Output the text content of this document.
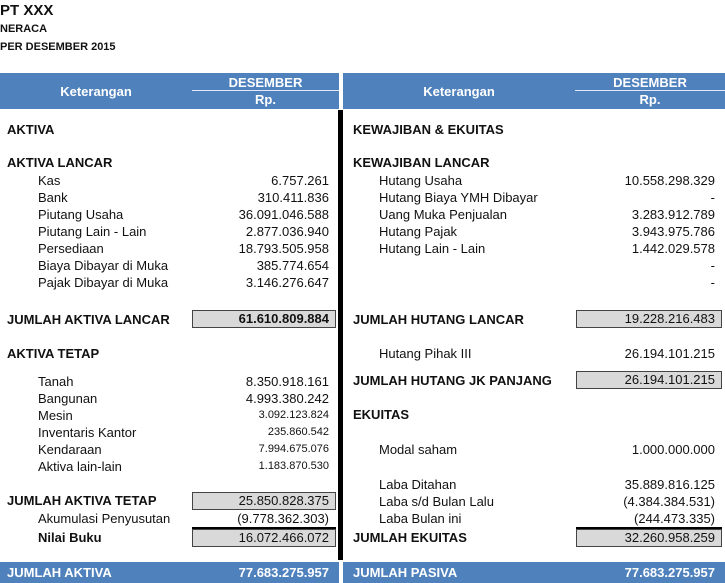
PT XXX
NERACA
PER DESEMBER 2015
Keterangan
DESEMBER
Rp.
Keterangan
DESEMBER
Rp.
AKTIVA
AKTIVA LANCAR
Kas	6.757.261
Bank	310.411.836
Piutang Usaha	36.091.046.588
Piutang Lain - Lain	2.877.036.940
Persediaan	18.793.505.958
Biaya Dibayar di Muka	385.774.654
Pajak Dibayar di Muka	3.146.276.647
JUMLAH AKTIVA LANCAR	61.610.809.884
AKTIVA TETAP
Tanah	8.350.918.161
Bangunan	4.993.380.242
Mesin	3.092.123.824
Inventaris Kantor	235.860.542
Kendaraan	7.994.675.076
Aktiva lain-lain	1.183.870.530
JUMLAH AKTIVA TETAP	25.850.828.375
Akumulasi Penyusutan	(9.778.362.303)
Nilai Buku	16.072.466.072
KEWAJIBAN & EKUITAS
KEWAJIBAN LANCAR
Hutang Usaha	10.558.298.329
Hutang Biaya YMH Dibayar	-
Uang Muka Penjualan	3.283.912.789
Hutang Pajak	3.943.975.786
Hutang Lain - Lain	1.442.029.578
-
-
JUMLAH HUTANG LANCAR	19.228.216.483
Hutang Pihak III	26.194.101.215
JUMLAH HUTANG JK PANJANG	26.194.101.215
EKUITAS
Modal saham	1.000.000.000
Laba Ditahan	35.889.816.125
Laba s/d Bulan Lalu	(4.384.384.531)
Laba Bulan ini	(244.473.335)
JUMLAH EKUITAS	32.260.958.259
JUMLAH AKTIVA	77.683.275.957 JUMLAH PASIVA	77.683.275.957
